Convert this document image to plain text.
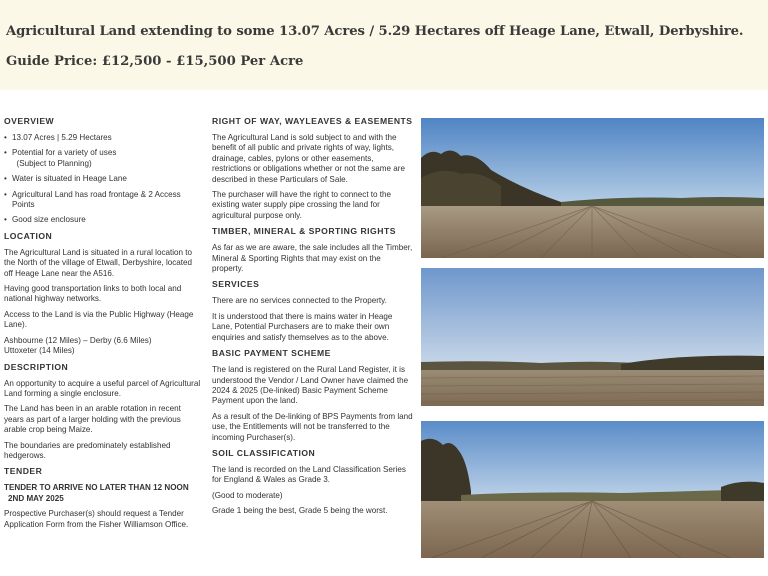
Agricultural Land extending to some 13.07 Acres / 5.29 Hectares off Heage Lane, Etwall, Derbyshire.
Guide Price: £12,500 - £15,500 Per Acre
OVERVIEW
• 13.07 Acres | 5.29 Hectares
• Potential for a variety of uses
(Subject to Planning)
• Water is situated in Heage Lane
• Agricultural Land has road frontage & 2 Access
Points
• Good size enclosure
LOCATION

The Agricultural Land is situated in a rural location to the North of the village of Etwall, Derbyshire, located off Heage Lane near the A516.

Having good transportation links to both local and national highway networks.

Access to the Land is via the Public Highway (Heage Lane).

Ashbourne (12 Miles) – Derby (6.6 Miles)

Uttoxeter (14 Miles)

DESCRIPTION

An opportunity to acquire a useful parcel of Agricultural Land forming a single enclosure.

The Land has been in an arable rotation in recent years as part of a larger holding with the previous arable crop being Maize.

The boundaries are predominately established hedgerows.

TENDER

TENDER TO ARRIVE NO LATER THAN 12 NOON

2ND MAY 2025

Prospective Purchaser(s) should request a Tender Application Form from the Fisher Williamson Office.

RIGHT OF WAY, WAYLEAVES & EASEMENTS

The Agricultural Land is sold subject to and with the benefit of all public and private rights of way, lights, drainage, cables, pylons or other easements, restrictions or obligations whether or not the same are described in these Particulars of Sale.

The purchaser will have the right to connect to the existing water supply pipe crossing the land for agricultural purpose only.

TIMBER, MINERAL & SPORTING RIGHTS

As far as we are aware, the sale includes all the Timber, Mineral & Sporting Rights that may exist on the property.

SERVICES

There are no services connected to the Property.

It is understood that there is mains water in Heage Lane, Potential Purchasers are to make their own enquiries and satisfy themselves as to the above.

BASIC PAYMENT SCHEME

The land is registered on the Rural Land Register, it is understood the Vendor / Land Owner have claimed the 2024 & 2025 (De-linked) Basic Payment Scheme Payment upon the land.

As a result of the De-linking of BPS Payments from land use, the Entitlements will not be transferred to the incoming Purchaser(s).

SOIL CLASSIFICATION

The land is recorded on the Land Classification Series for England & Wales as Grade 3.

(Good to moderate)

Grade 1 being the best, Grade 5 being the worst.
